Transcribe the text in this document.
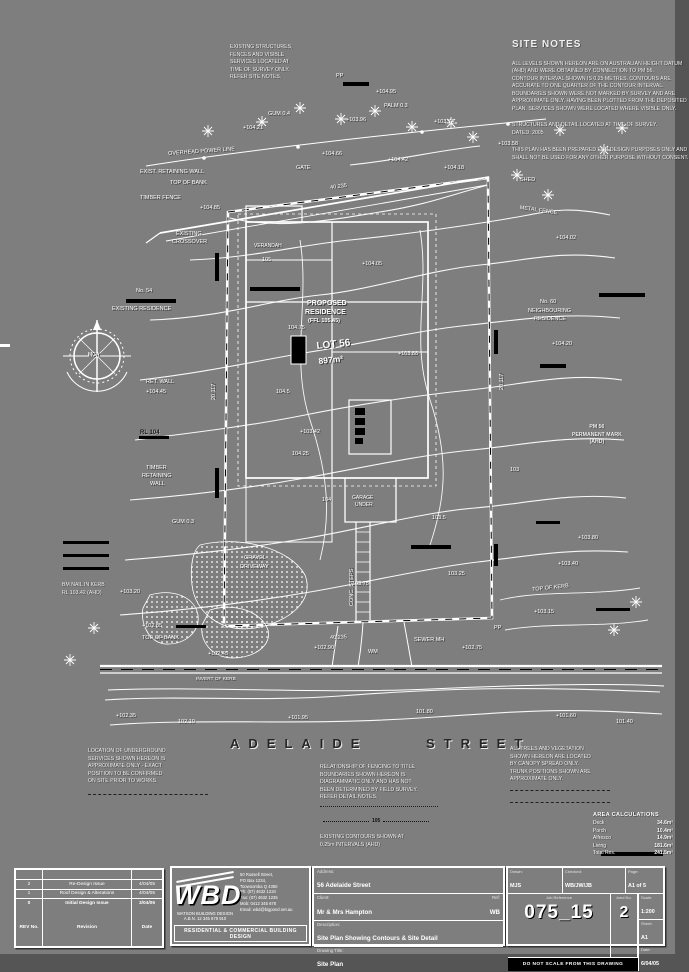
SITE NOTES
ALL LEVELS SHOWN HEREON ARE ON AUSTRALIAN HEIGHT DATUM
(AHD) AND WERE OBTAINED BY CONNECTION TO PM 56.
CONTOUR INTERVAL SHOWN IS 0.25 METRES. CONTOURS ARE
ACCURATE TO ONE QUARTER OF THE CONTOUR INTERVAL.
BOUNDARIES SHOWN WERE NOT MARKED BY SURVEY AND ARE
APPROXIMATE ONLY, HAVING BEEN PLOTTED FROM THE DEPOSITED
PLAN. SERVICES SHOWN WERE LOCATED WHERE VISIBLE ONLY.
STRUCTURES AND DETAIL LOCATED AT TIME OF SURVEY.
DATED: 2005
THIS PLAN HAS BEEN PREPARED FOR DESIGN PURPOSES ONLY AND
SHALL NOT BE USED FOR ANY OTHER PURPOSE WITHOUT CONSENT.
EXISTING STRUCTURES,
FENCES AND VISIBLE
SERVICES LOCATED AT
TIME OF SURVEY ONLY.
REFER SITE NOTES.
+104.21
GUM 0.4
+103.96
PALM 0.3
+103.74
+103.58
OVERHEAD POWER LINE
EXIST. RETAINING WALL
TOP OF BANK
TIMBER FENCE
+104.85
EXISTING
CROSSOVER
GATE
+104.66
+104.42
+104.18
SHED
METAL FENCE
+104.02
No. 60
NEIGHBOURING
RESIDENCE
+104.20
No. 54
EXISTING RESIDENCE
RET. WALL
+104.45
RL 104
TIMBER
RETAINING
WALL
GUM 0.3
+103.20
+102.85
TOE OF BANK
+102.45
105
104.75
104.5
104.25
104
103.75
103.5
103.25
103
GRAVEL
DRIVEWAY
CONC. STEPS
+103.42
+103.88
+104.05
VERANDAH
GARAGE
UNDER
+102.90
WM
SEWER MH
+102.75
PP
+103.15
TOP OF KERB
+103.40
+103.80
INVERT OF KERB
+102.35
102.10
+101.95
101.80
+101.60
101.40
40.235
20.117
20.117
40.235
PP
+104.95
PROPOSED
RESIDENCE
(FFL 105.45)
LOT 56
897m²
PM 56
PERMANENT MARK
(AHD)
MGA
ADELAIDE	STREET
LOCATION OF UNDERGROUND
SERVICES SHOWN HEREON IS
APPROXIMATE ONLY - EXACT
POSITION TO BE CONFIRMED
ON SITE PRIOR TO WORKS.
RELATIONSHIP OF FENCING TO TITLE
BOUNDARIES SHOWN HEREON IS
DIAGRAMMATIC ONLY AND HAS NOT
BEEN DETERMINED BY FIELD SURVEY.
REFER DETAIL NOTES.
105
EXISTING CONTOURS SHOWN AT
0.25m INTERVALS (AHD)
ALL TREES AND VEGETATION
SHOWN HEREON ARE LOCATED
BY CANOPY SPREAD ONLY.
TRUNK POSITIONS SHOWN ARE
APPROXIMATE ONLY.
BM NAIL IN KERB
RL 103.42 (AHD)
AREA CALCULATIONS
Deck	34.6m²
Porch	10.4m²
Alfresco	14.9m²
Living	181.6m²
Total Res.	241.5m²
2	Re-Design Issue	4/04/05
1	Roof Design & Alterations	4/04/05
0	Initial Design Issue	3/04/05
REV No.	Revision	Date
WBD
WATSON BUILDING DESIGN
A.B.N. 12 345 678 910
50 Russell Street,
PO Box 1234,
Toowoomba Q 4350
Ph: (07) 4632 1234
Fax: (07) 4632 1235
Mob: 0412 345 678
Email: wbd@bigpond.net.au
RESIDENTIAL & COMMERCIAL BUILDING DESIGN
Address:
56 Adelaide Street
Client:
Mr & Mrs Hampton
Ref:
WB
Description:
Site Plan Showing Contours & Site Detail
Drawing Title:
Site Plan
Drawn:
MJS
Checked:
WB/JW/JB
Page:
A1 of 5
Job Reference
075_15
Amd No.
2
DO NOT SCALE FROM THIS DRAWING
Scale:
1:200
Sheet:
A1
Date:
6/04/05
